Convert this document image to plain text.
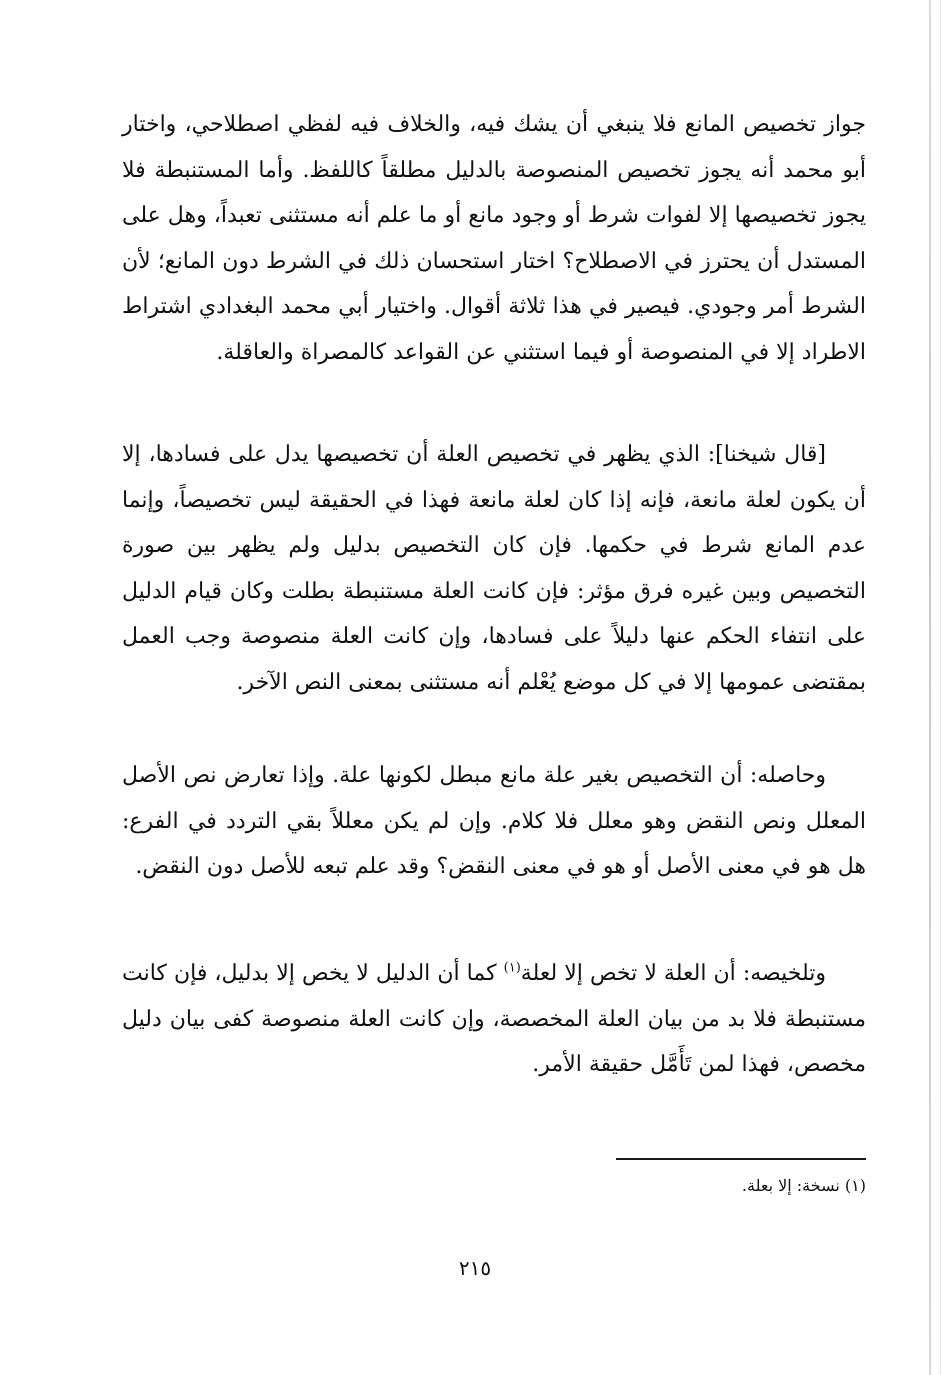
جواز تخصيص المانع فلا ينبغي أن يشك فيه، والخلاف فيه لفظي اصطلاحي، واختار أبو محمد أنه يجوز تخصيص المنصوصة بالدليل مطلقاً كاللفظ. وأما المستنبطة فلا يجوز تخصيصها إلا لفوات شرط أو وجود مانع أو ما علم أنه مستثنى تعبداً، وهل على المستدل أن يحترز في الاصطلاح؟ اختار استحسان ذلك في الشرط دون المانع؛ لأن الشرط أمر وجودي. فيصير في هذا ثلاثة أقوال. واختيار أبي محمد البغدادي اشتراط الاطراد إلا في المنصوصة أو فيما استثني عن القواعد كالمصراة والعاقلة.

[قال شيخنا]: الذي يظهر في تخصيص العلة أن تخصيصها يدل على فسادها، إلا أن يكون لعلة مانعة، فإنه إذا كان لعلة مانعة فهذا في الحقيقة ليس تخصيصاً، وإنما عدم المانع شرط في حكمها. فإن كان التخصيص بدليل ولم يظهر بين صورة التخصيص وبين غيره فرق مؤثر: فإن كانت العلة مستنبطة بطلت وكان قيام الدليل على انتفاء الحكم عنها دليلاً على فسادها، وإن كانت العلة منصوصة وجب العمل بمقتضى عمومها إلا في كل موضع يُعْلم أنه مستثنى بمعنى النص الآخر.

وحاصله: أن التخصيص بغير علة مانع مبطل لكونها علة. وإذا تعارض نص الأصل المعلل ونص النقض وهو معلل فلا كلام. وإن لم يكن معللاً بقي التردد في الفرع: هل هو في معنى الأصل أو هو في معنى النقض؟ وقد علم تبعه للأصل دون النقض.

وتلخيصه: أن العلة لا تخص إلا لعلة$^{(١)}$ كما أن الدليل لا يخص إلا بدليل، فإن كانت مستنبطة فلا بد من بيان العلة المخصصة، وإن كانت العلة منصوصة كفى بيان دليل مخصص، فهذا لمن تَأَمَّل حقيقة الأمر.

(١) نسخة: إلا بعلة.
٢١٥
